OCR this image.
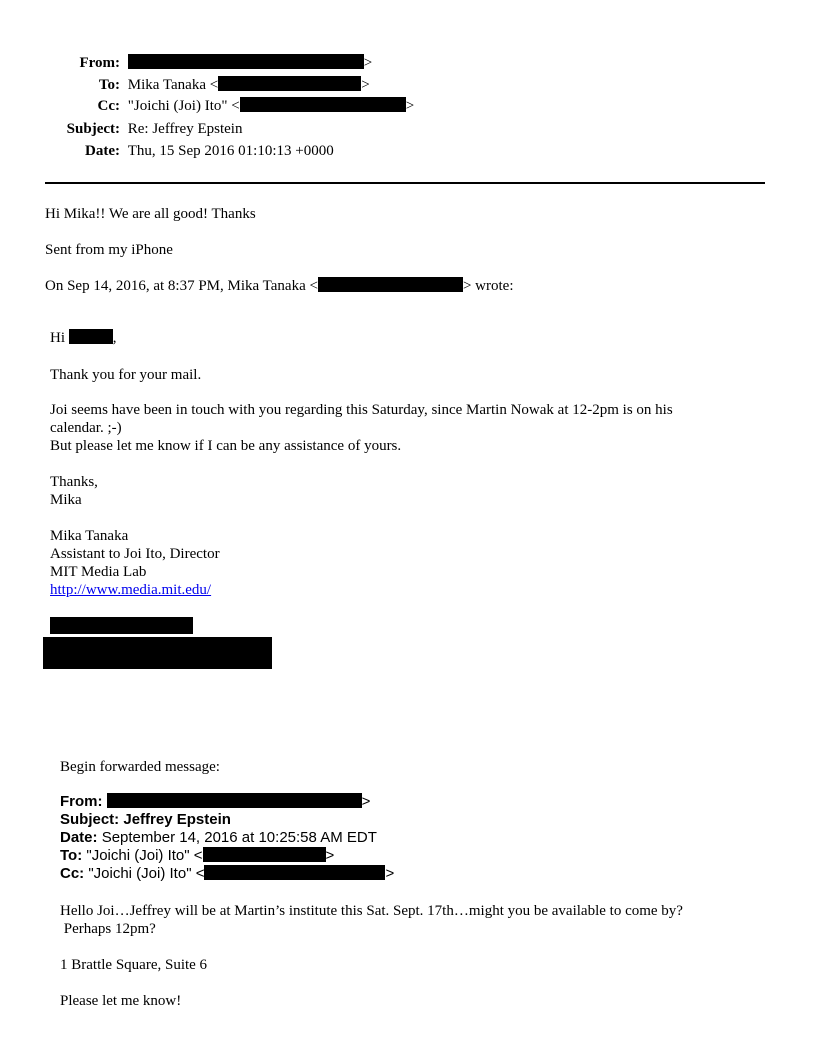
From:	>
To: Mika Tanaka <	>
Cc: "Joichi (Joi) Ito" <	>
Subject: Re: Jeffrey Epstein
Date: Thu, 15 Sep 2016 01:10:13 +0000
Hi Mika!! We are all good! Thanks
Sent from my iPhone
On Sep 14, 2016, at 8:37 PM, Mika Tanaka <	> wrote:
Hi	,
Thank you for your mail.
Joi seems have been in touch with you regarding this Saturday, since Martin Nowak at 12-2pm is on his
calendar. ;-)
But please let me know if I can be any assistance of yours.
Thanks,
Mika
Mika Tanaka
Assistant to Joi Ito, Director
MIT Media Lab
http://www.media.mit.edu/
Begin forwarded message:
From:	>
Subject: Jeffrey Epstein
Date: September 14, 2016 at 10:25:58 AM EDT
To: "Joichi (Joi) Ito" <	>
Cc: "Joichi (Joi) Ito" <	>
Hello Joi…Jeffrey will be at Martin’s institute this Sat. Sept. 17th…might you be available to come by?
Perhaps 12pm?
1 Brattle Square, Suite 6
Please let me know!
